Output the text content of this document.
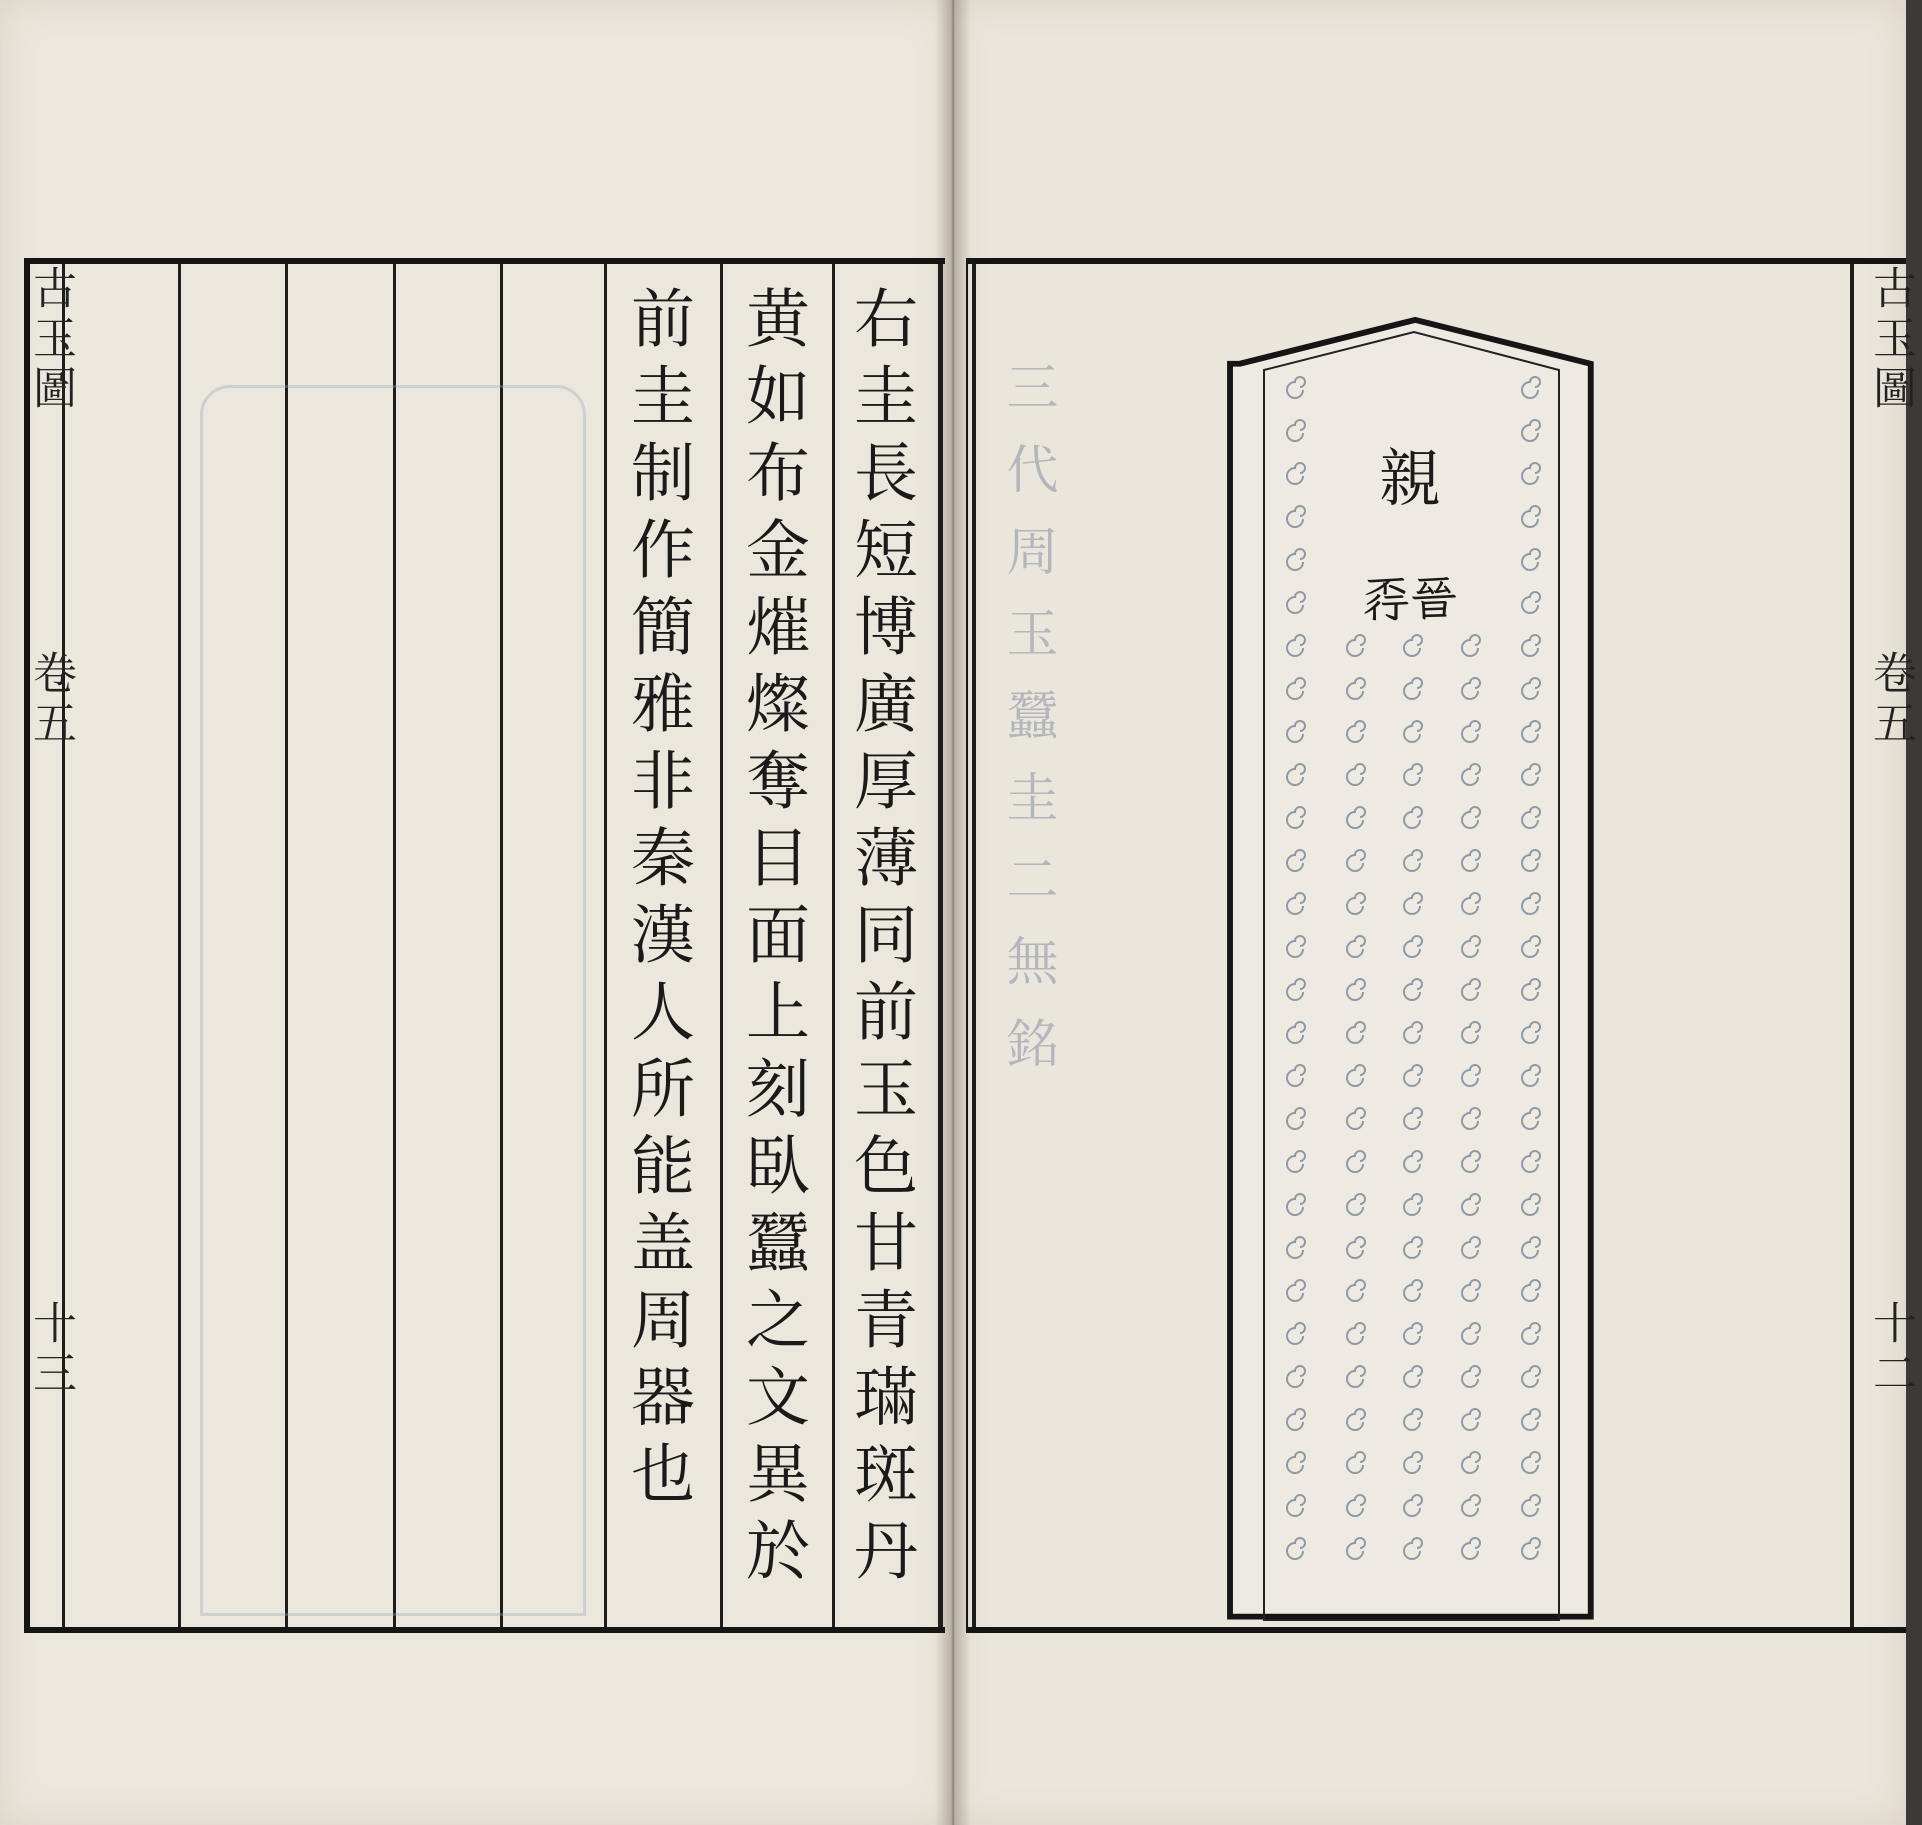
古玉圖
卷五
十三	右圭長短博廣厚薄同前玉色甘青璊斑丹
黄如布金熣燦奪目面上刻臥蠶之文異於
前圭制作簡雅非秦漢人所能盖周器也	三代周玉蠶圭二無銘
古玉圖
卷五
十二
親
𧗪晉
